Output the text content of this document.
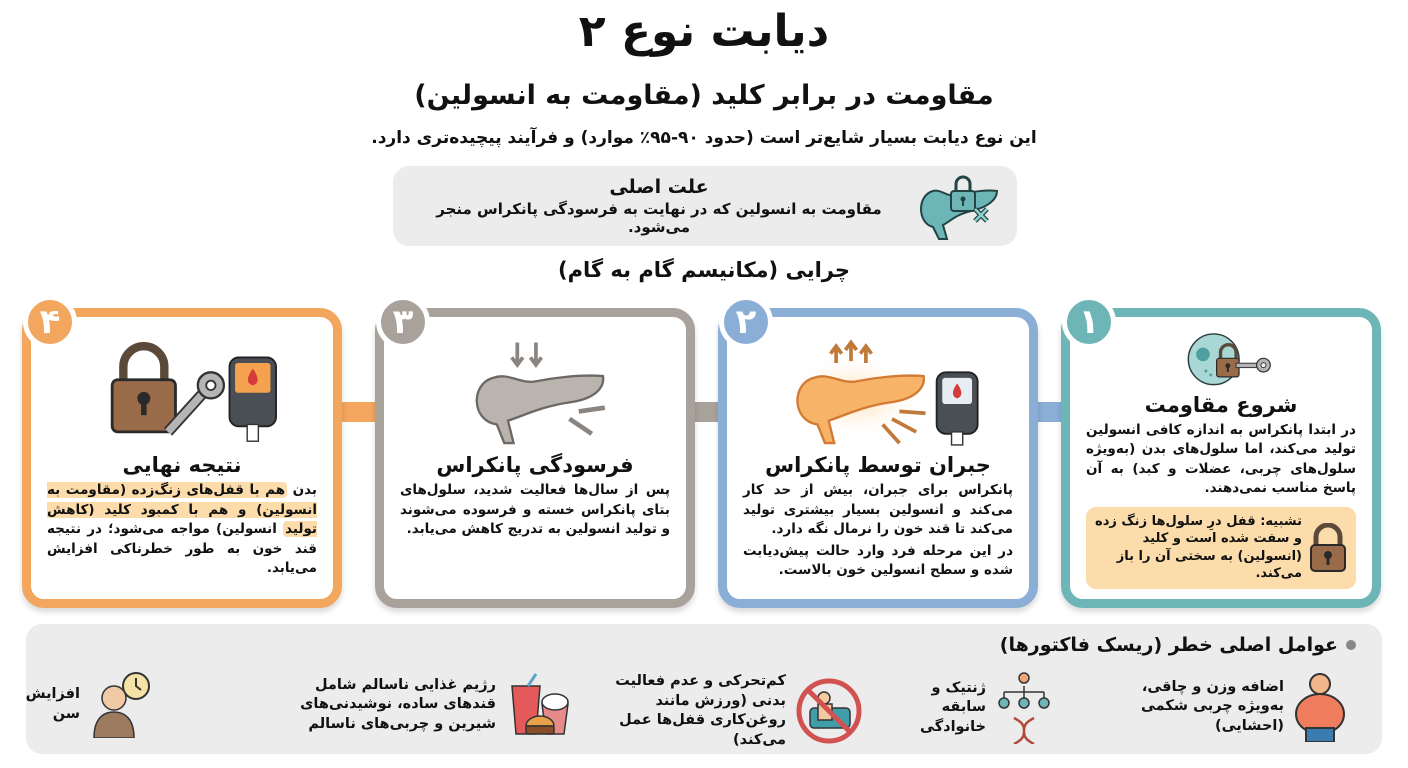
دیابت نوع ۲
مقاومت در برابر کلید (مقاومت به انسولین)

این نوع دیابت بسیار شایع‌تر است (حدود ۹۰-۹۵٪ موارد) و فرآیند پیچیده‌تری دارد.

علت اصلی
مقاومت به انسولین که در نهایت به فرسودگی پانکراس منجر می‌شود.
چرایی (مکانیسم گام به گام)
۱
شروع مقاومت

در ابتدا پانکراس به اندازه کافی انسولین تولید می‌کند، اما سلول‌های بدن (به‌ویژه سلول‌های چربی، عضلات و کبد) به آن پاسخ مناسب نمی‌دهند.

تشبیه: قفل درِ سلول‌ها زنگ زده و سفت شده است و کلید (انسولین) به سختی آن را باز می‌کند.
۲
جبران توسط پانکراس

پانکراس برای جبران، بیش از حد کار می‌کند و انسولین بسیار بیشتری تولید می‌کند تا قند خون را نرمال نگه دارد.

در این مرحله فرد وارد حالت پیش‌دیابت شده و سطح انسولین خون بالاست.

۳
فرسودگی پانکراس

پس از سال‌ها فعالیت شدید، سلول‌های بتای پانکراس خسته و فرسوده می‌شوند و تولید انسولین به تدریج کاهش می‌یابد.

۴
نتیجه نهایی

بدن هم با قفل‌های زنگ‌زده (مقاومت به انسولین) و هم با کمبود کلید (کاهش تولید انسولین) مواجه می‌شود؛ در نتیجه قند خون به طور خطرناکی افزایش می‌یابد.

عوامل اصلی خطر (ریسک فاکتورها)
اضافه وزن و چاقی، به‌ویژه چربی شکمی (احشایی)
ژنتیک و سابقه خانوادگی
کم‌تحرکی و عدم فعالیت بدنی (ورزش مانند روغن‌کاری قفل‌ها عمل می‌کند)
رژیم غذایی ناسالم شامل قندهای ساده، نوشیدنی‌های شیرین و چربی‌های ناسالم
افزایش سن
